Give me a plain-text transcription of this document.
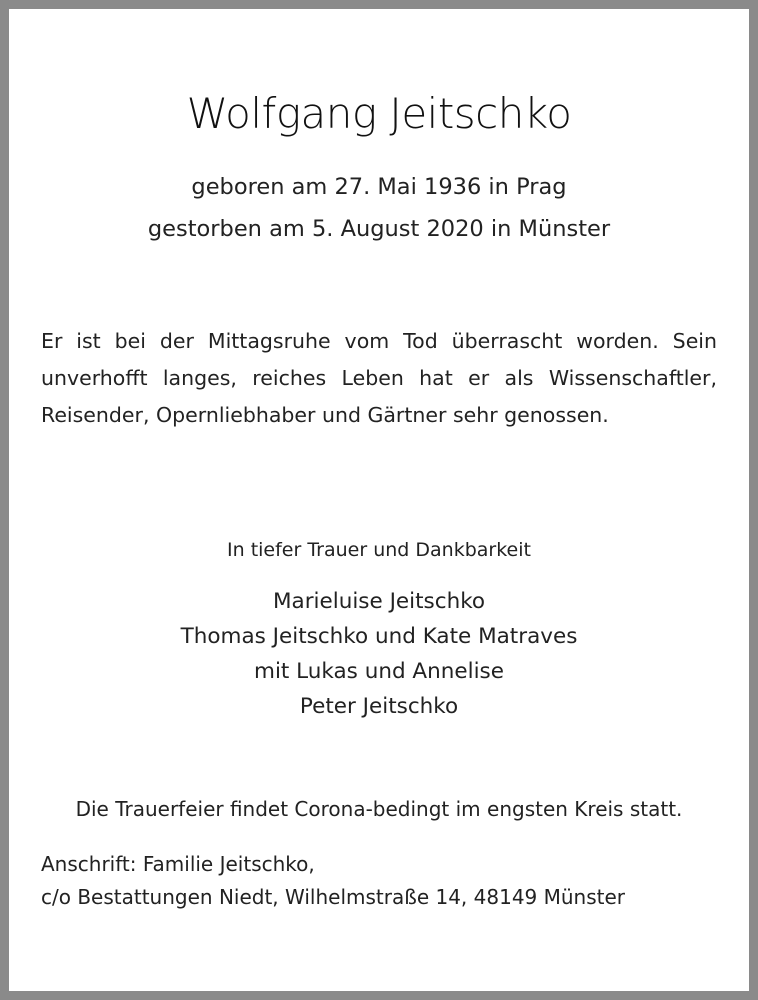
Wolfgang Jeitschko
geboren am 27. Mai 1936 in Prag
gestorben am 5. August 2020 in Münster
Er ist bei der Mittagsruhe vom Tod überrascht worden. Sein
unverhofft langes, reiches Leben hat er als Wissenschaftler,
Reisender, Opernliebhaber und Gärtner sehr genossen.
In tiefer Trauer und Dankbarkeit
Marieluise Jeitschko
Thomas Jeitschko und Kate Matraves
mit Lukas und Annelise
Peter Jeitschko
Die Trauerfeier findet Corona-bedingt im engsten Kreis statt.
Anschrift: Familie Jeitschko,
c/o Bestattungen Niedt, Wilhelmstraße 14, 48149 Münster
